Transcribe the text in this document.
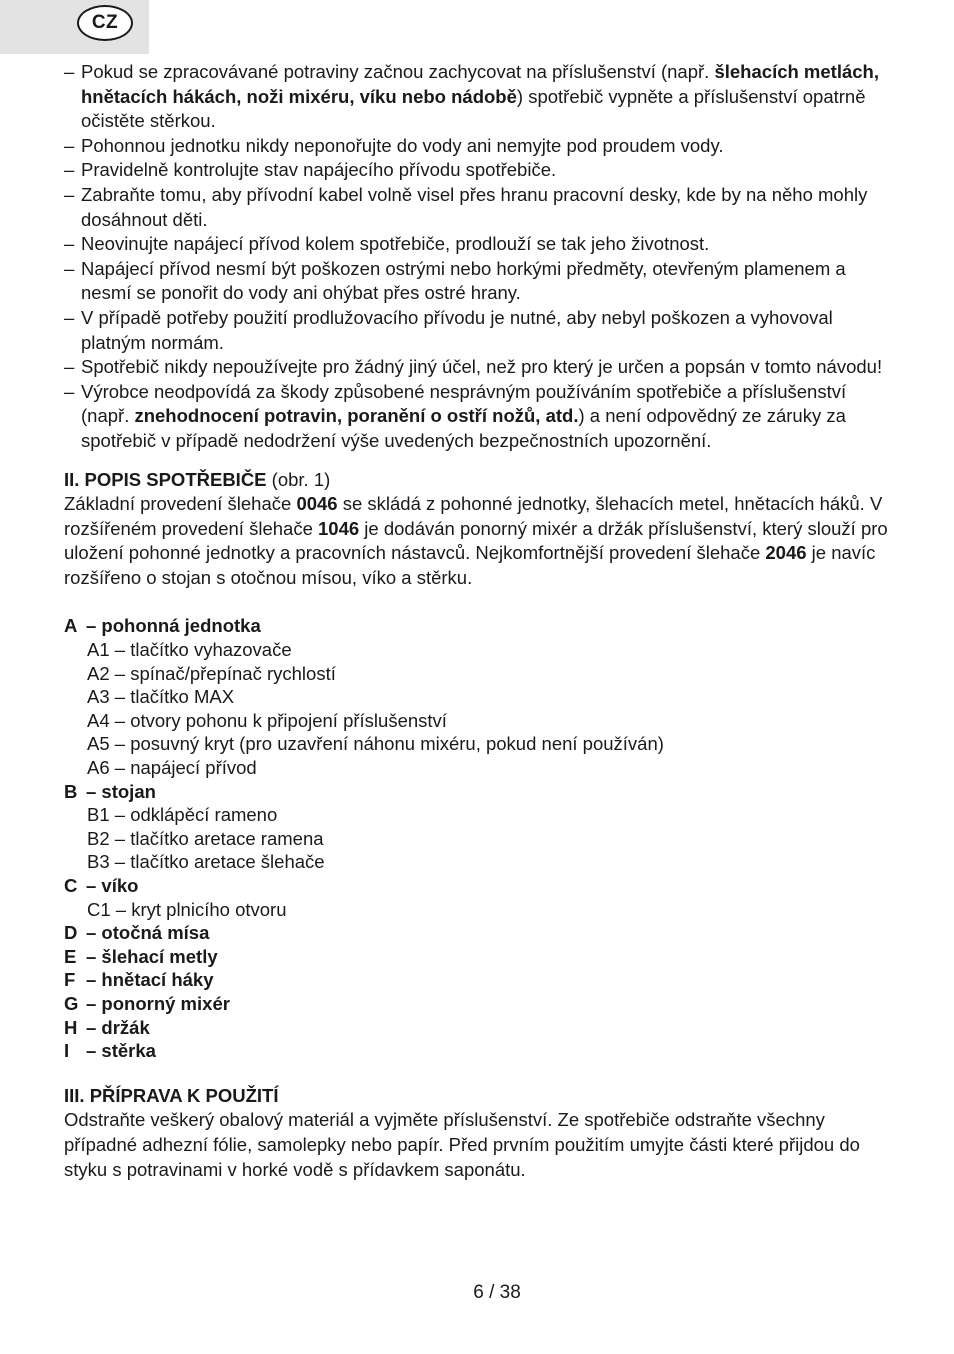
CZ
– Pokud se zpracovávané potraviny začnou zachycovat na příslušenství (např. šlehacích metlách, hnětacích hákách, noži mixéru, víku nebo nádobě) spotřebič vypněte a příslušenství opatrně očistěte stěrkou.
– Pohonnou jednotku nikdy neponořujte do vody ani nemyjte pod proudem vody.
– Pravidelně kontrolujte stav napájecího přívodu spotřebiče.
– Zabraňte tomu, aby přívodní kabel volně visel přes hranu pracovní desky, kde by na něho mohly dosáhnout děti.
– Neovinujte napájecí přívod kolem spotřebiče, prodlouží se tak jeho životnost.
– Napájecí přívod nesmí být poškozen ostrými nebo horkými předměty, otevřeným plamenem a nesmí se ponořit do vody ani ohýbat přes ostré hrany.
– V případě potřeby použití prodlužovacího přívodu je nutné, aby nebyl poškozen a vyhovoval platným normám.
– Spotřebič nikdy nepoužívejte pro žádný jiný účel, než pro který je určen a popsán v tomto návodu!
– Výrobce neodpovídá za škody způsobené nesprávným používáním spotřebiče a příslušenství (např. znehodnocení potravin, poranění o ostří nožů, atd.) a není odpovědný ze záruky za spotřebič v případě nedodržení výše uvedených bezpečnostních upozornění.
II. POPIS SPOTŘEBIČE (obr. 1)

Základní provedení šlehače 0046 se skládá z pohonné jednotky, šlehacích metel, hnětacích háků. V rozšířeném provedení šlehače 1046 je dodáván ponorný mixér a držák příslušenství, který slouží pro uložení pohonné jednotky a pracovních nástavců. Nejkomfortnější provedení šlehače 2046 je navíc rozšířeno o stojan s otočnou mísou, víko a stěrku.

A – pohonná jednotka
A1 – tlačítko vyhazovače
A2 – spínač/přepínač rychlostí
A3 – tlačítko MAX
A4 – otvory pohonu k připojení příslušenství
A5 – posuvný kryt (pro uzavření náhonu mixéru, pokud není používán)
A6 – napájecí přívod
B – stojan
B1 – odklápěcí rameno
B2 – tlačítko aretace ramena
B3 – tlačítko aretace šlehače
C – víko
C1 – kryt plnicího otvoru
D – otočná mísa
E – šlehací metly
F – hnětací háky
G – ponorný mixér
H – držák
I – stěrka
III. PŘÍPRAVA K POUŽITÍ

Odstraňte veškerý obalový materiál a vyjměte příslušenství. Ze spotřebiče odstraňte všechny případné adhezní fólie, samolepky nebo papír. Před prvním použitím umyjte části které přijdou do styku s potravinami v horké vodě s přídavkem saponátu.

6 / 38
